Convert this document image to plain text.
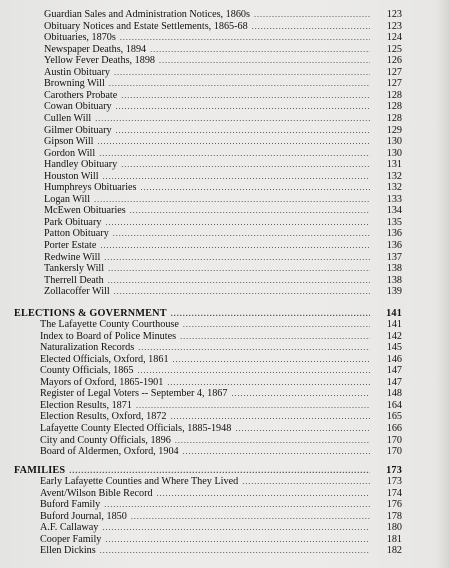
Guardian Sales and Administration Notices, 1860s .....	123
Obituary Notices and Estate Settlements, 1865-68 .....	123
Obituaries, 1870s .....	124
Newspaper Deaths, 1894 .....	125
Yellow Fever Deaths, 1898 .....	126
Austin Obituary .....	127
Browning Will .....	127
Carothers Probate .....	128
Cowan Obituary .....	128
Cullen Will .....	128
Gilmer Obituary .....	129
Gipson Will .....	130
Gordon Will .....	130
Handley Obituary .....	131
Houston Will .....	132
Humphreys Obituaries .....	132
Logan Will .....	133
McEwen Obituaries .....	134
Park Obituary .....	135
Patton Obituary .....	136
Porter Estate .....	136
Redwine Will .....	137
Tankersly Will .....	138
Therrell Death .....	138
Zollacoffer Will .....	139
ELECTIONS & GOVERNMENT .....	141
The Lafayette County Courthouse .....	141
Index to Board of Police Minutes .....	142
Naturalization Records .....	145
Elected Officials, Oxford, 1861 .....	146
County Officials, 1865 .....	147
Mayors of Oxford, 1865-1901 .....	147
Register of Legal Voters -- September 4, 1867 .....	148
Election Results, 1871 .....	164
Election Results, Oxford, 1872 .....	165
Lafayette County Elected Officials, 1885-1948 .....	166
City and County Officials, 1896 .....	170
Board of Aldermen, Oxford, 1904 .....	170
FAMILIES .....	173
Early Lafayette Counties and Where They Lived .....	173
Avent/Wilson Bible Record .....	174
Buford Family .....	176
Buford Journal, 1850 .....	178
A.F. Callaway .....	180
Cooper Family .....	181
Ellen Dickins .....	182
